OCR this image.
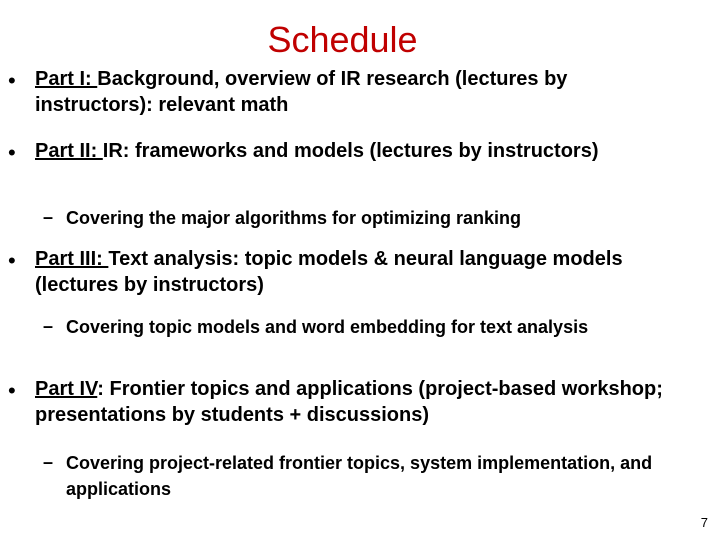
Schedule
• Part I: Background, overview of IR research (lectures by instructors): relevant math
• Part II: IR: frameworks and models (lectures by instructors)
– Covering the major algorithms for optimizing ranking
• Part III: Text analysis: topic models & neural language models (lectures by instructors)
– Covering topic models and word embedding for text analysis
• Part IV: Frontier topics and applications (project-based workshop; presentations by students + discussions)
– Covering project-related frontier topics, system implementation, and applications
7
